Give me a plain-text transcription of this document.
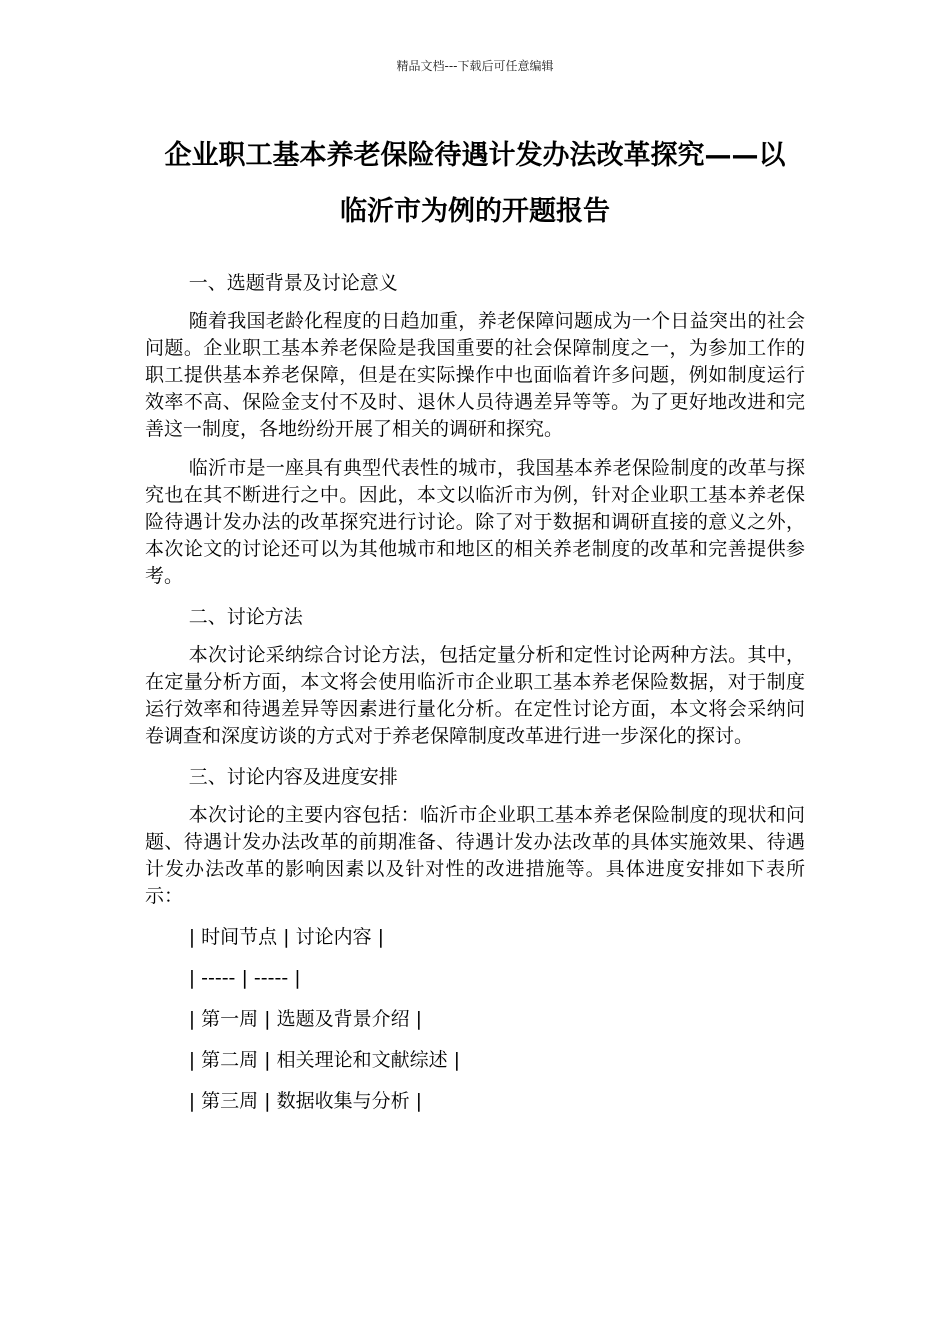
精品文档---下载后可任意编辑
企业职工基本养老保险待遇计发办法改革探究——以
临沂市为例的开题报告

一、选题背景及讨论意义

随着我国老龄化程度的日趋加重，养老保障问题成为一个日益突出的社会问题。企业职工基本养老保险是我国重要的社会保障制度之一，为参加工作的职工提供基本养老保障，但是在实际操作中也面临着许多问题，例如制度运行效率不高、保险金支付不及时、退休人员待遇差异等等。为了更好地改进和完善这一制度，各地纷纷开展了相关的调研和探究。

临沂市是一座具有典型代表性的城市，我国基本养老保险制度的改革与探究也在其不断进行之中。因此，本文以临沂市为例，针对企业职工基本养老保险待遇计发办法的改革探究进行讨论。除了对于数据和调研直接的意义之外，本次论文的讨论还可以为其他城市和地区的相关养老制度的改革和完善提供参考。

二、讨论方法

本次讨论采纳综合讨论方法，包括定量分析和定性讨论两种方法。其中，在定量分析方面，本文将会使用临沂市企业职工基本养老保险数据，对于制度运行效率和待遇差异等因素进行量化分析。在定性讨论方面，本文将会采纳问卷调查和深度访谈的方式对于养老保障制度改革进行进一步深化的探讨。

三、讨论内容及进度安排

本次讨论的主要内容包括：临沂市企业职工基本养老保险制度的现状和问题、待遇计发办法改革的前期准备、待遇计发办法改革的具体实施效果、待遇计发办法改革的影响因素以及针对性的改进措施等。具体进度安排如下表所示：

| 时间节点 | 讨论内容 |

| ----- | ----- |

| 第一周 | 选题及背景介绍 |

| 第二周 | 相关理论和文献综述 |

| 第三周 | 数据收集与分析 |
